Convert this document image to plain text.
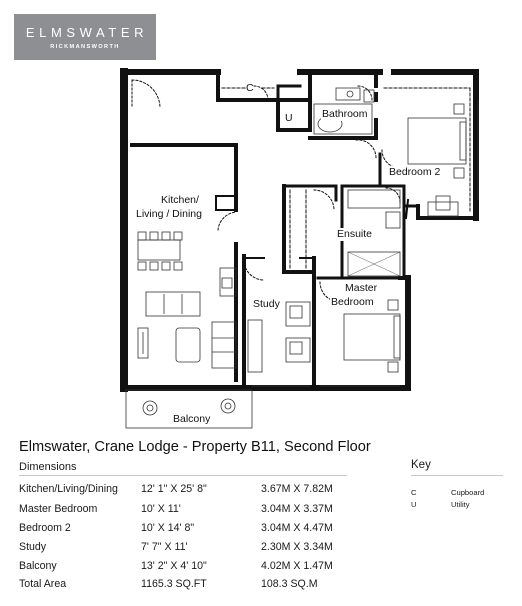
ELMSWATER
RICKMANSWORTH
C
U	Bathroom
Bedroom 2
Kitchen/
Living / Dining
Ensuite
Master
Bedroom
Study
Balcony
Elmswater, Crane Lodge - Property B11, Second Floor
Dimensions	Key
Kitchen/Living/Dining 12' 1" X 25' 8"	3.67M X 7.82M
Master Bedroom	10' X 11'	3.04M X 3.37M
Bedroom 2	10' X 14' 8"	3.04M X 4.47M
Study	7' 7" X 11'	2.30M X 3.34M
Balcony	13' 2" X 4' 10"	4.02M X 1.47M
Total Area	1165.3 SQ.FT	108.3 SQ.M
C	Cupboard
U	Utility
